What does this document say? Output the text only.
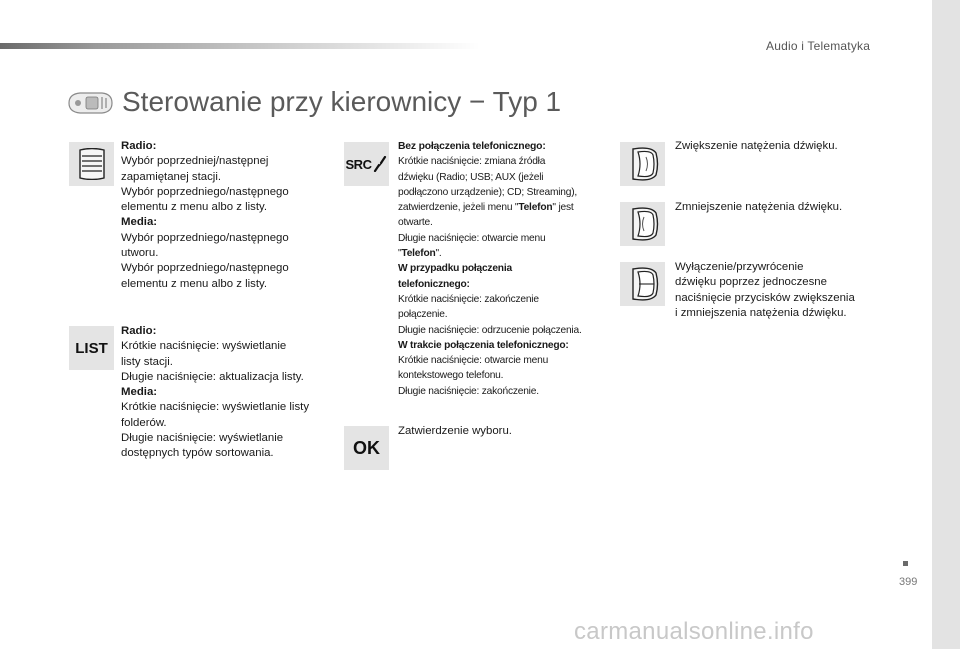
Audio i Telematyka
Sterowanie przy kierownicy − Typ 1
Radio:
Wybór poprzedniej/następnej
zapamiętanej stacji.
Wybór poprzedniego/następnego
elementu z menu albo z listy.
Media:
Wybór poprzedniego/następnego
utworu.
Wybór poprzedniego/następnego
elementu z menu albo z listy.
LIST
Radio:
Krótkie naciśnięcie: wyświetlanie
listy stacji.
Długie naciśnięcie: aktualizacja listy.
Media:
Krótkie naciśnięcie: wyświetlanie listy
folderów.
Długie naciśnięcie: wyświetlanie
dostępnych typów sortowania.
SRC
Bez połączenia telefonicznego:
Krótkie naciśnięcie: zmiana źródła
dźwięku (Radio; USB; AUX (jeżeli
podłączono urządzenie); CD; Streaming),
zatwierdzenie, jeżeli menu "Telefon" jest
otwarte.
Długie naciśnięcie: otwarcie menu
"Telefon".
W przypadku połączenia
telefonicznego:
Krótkie naciśnięcie: zakończenie
połączenie.
Długie naciśnięcie: odrzucenie połączenia.
W trakcie połączenia telefonicznego:
Krótkie naciśnięcie: otwarcie menu
kontekstowego telefonu.
Długie naciśnięcie: zakończenie.
OK
Zatwierdzenie wyboru.
Zwiększenie natężenia dźwięku.
Zmniejszenie natężenia dźwięku.
Wyłączenie/przywrócenie
dźwięku poprzez jednoczesne
naciśnięcie przycisków zwiększenia
i zmniejszenia natężenia dźwięku.
399
carmanualsonline.info
